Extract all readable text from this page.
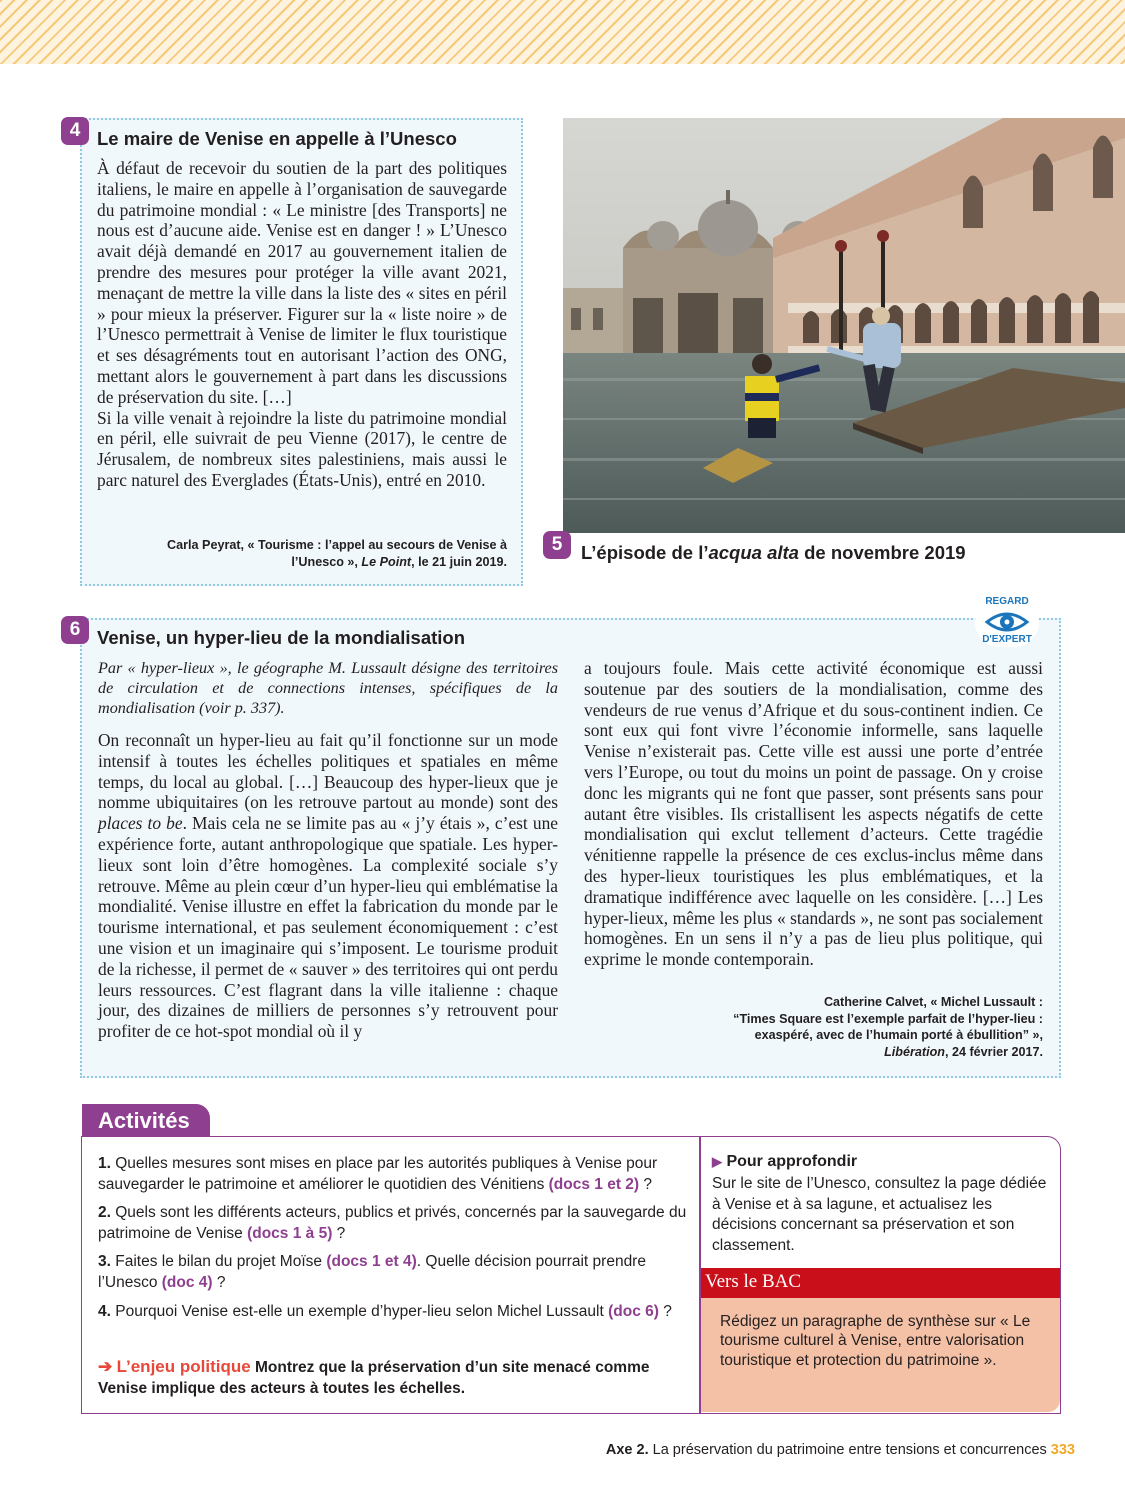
4 Le maire de Venise en appelle à l’Unesco

À défaut de recevoir du soutien de la part des politiques italiens, le maire en appelle à l’organisation de sauvegarde du patrimoine mondial : « Le ministre [des Transports] ne nous est d’aucune aide. Venise est en danger ! » L’Unesco avait déjà demandé en 2017 au gouvernement italien de prendre des mesures pour protéger la ville avant 2021, menaçant de mettre la ville dans la liste des « sites en péril » pour mieux la préserver. Figurer sur la « liste noire » de l’Unesco permettrait à Venise de limiter le flux touristique et ses désagréments tout en autorisant l’action des ONG, mettant alors le gouvernement à part dans les discussions de préservation du site. […]

Si la ville venait à rejoindre la liste du patrimoine mondial en péril, elle suivrait de peu Vienne (2017), le centre de Jérusalem, de nombreux sites palestiniens, mais aussi le parc naturel des Everglades (États-Unis), entré en 2010.

Carla Peyrat, « Tourisme : l’appel au secours de Venise à
l’Unesco », Le Point, le 21 juin 2019.
5	L’épisode de l’acqua alta de novembre 2019
6 Venise, un hyper-lieu de la mondialisation
REGARD
D'EXPERT

Par « hyper-lieux », le géographe M. Lussault désigne des territoires de circulation et de connections intenses, spécifiques de la mondialisation (voir p. 337).

On reconnaît un hyper-lieu au fait qu’il fonctionne sur un mode intensif à toutes les échelles politiques et spatiales en même temps, du local au global. […] Beaucoup des hyper-lieux que je nomme ubiquitaires (on les retrouve partout au monde) sont des places to be. Mais cela ne se limite pas au « j’y étais », c’est une expérience forte, autant anthropologique que spatiale. Les hyper-lieux sont loin d’être homogènes. La complexité sociale s’y retrouve. Même au plein cœur d’un hyper-lieu qui emblématise la mondialité. Venise illustre en effet la fabrication du monde par le tourisme international, et pas seulement économiquement : c’est une vision et un imaginaire qui s’imposent. Le tourisme produit de la richesse, il permet de « sauver » des territoires qui ont perdu leurs ressources. C’est flagrant dans la ville italienne : chaque jour, des dizaines de milliers de personnes s’y retrouvent pour profiter de ce hot-spot mondial où il y

a toujours foule. Mais cette activité économique est aussi soutenue par des soutiers de la mondialisation, comme des vendeurs de rue venus d’Afrique et du sous-continent indien. Ce sont eux qui font vivre l’économie informelle, sans laquelle Venise n’existerait pas. Cette ville est aussi une porte d’entrée vers l’Europe, ou tout du moins un point de passage. On y croise donc les migrants qui ne font que passer, sont présents sans pour autant être visibles. Ils cristallisent les aspects négatifs de cette mondialisation qui exclut tellement d’acteurs. Cette tragédie vénitienne rappelle la présence de ces exclus-inclus même dans des hyper-lieux touristiques les plus emblématiques, et la dramatique indifférence avec laquelle on les considère. […] Les hyper-lieux, même les plus « standards », ne sont pas socialement homogènes. En un sens il n’y a pas de lieu plus politique, qui exprime le monde contemporain.

Catherine Calvet, « Michel Lussault :
“Times Square est l’exemple parfait de l’hyper-lieu :
exaspéré, avec de l’humain porté à ébullition” »,
Libération, 24 février 2017.
Activités
1. Quelles mesures sont mises en place par les autorités publiques à Venise pour sauvegarder le patrimoine et améliorer le quotidien des Vénitiens (docs 1 et 2) ?
2. Quels sont les différents acteurs, publics et privés, concernés par la sauvegarde du patrimoine de Venise (docs 1 à 5) ?
3. Faites le bilan du projet Moïse (docs 1 et 4). Quelle décision pourrait prendre l’Unesco (doc 4) ?
4. Pourquoi Venise est-elle un exemple d’hyper-lieu selon Michel Lussault (doc 6) ?
➔ L’enjeu politique Montrez que la préservation d’un site menacé comme Venise implique des acteurs à toutes les échelles.
▶ Pour approfondir
Sur le site de l’Unesco, consultez la page dédiée à Venise et à sa lagune, et actualisez les décisions concernant sa préservation et son classement.
Vers le BAC
Rédigez un paragraphe de synthèse sur « Le tourisme culturel à Venise, entre valorisation touristique et protection du patrimoine ».
Axe 2. La préservation du patrimoine entre tensions et concurrences 333
